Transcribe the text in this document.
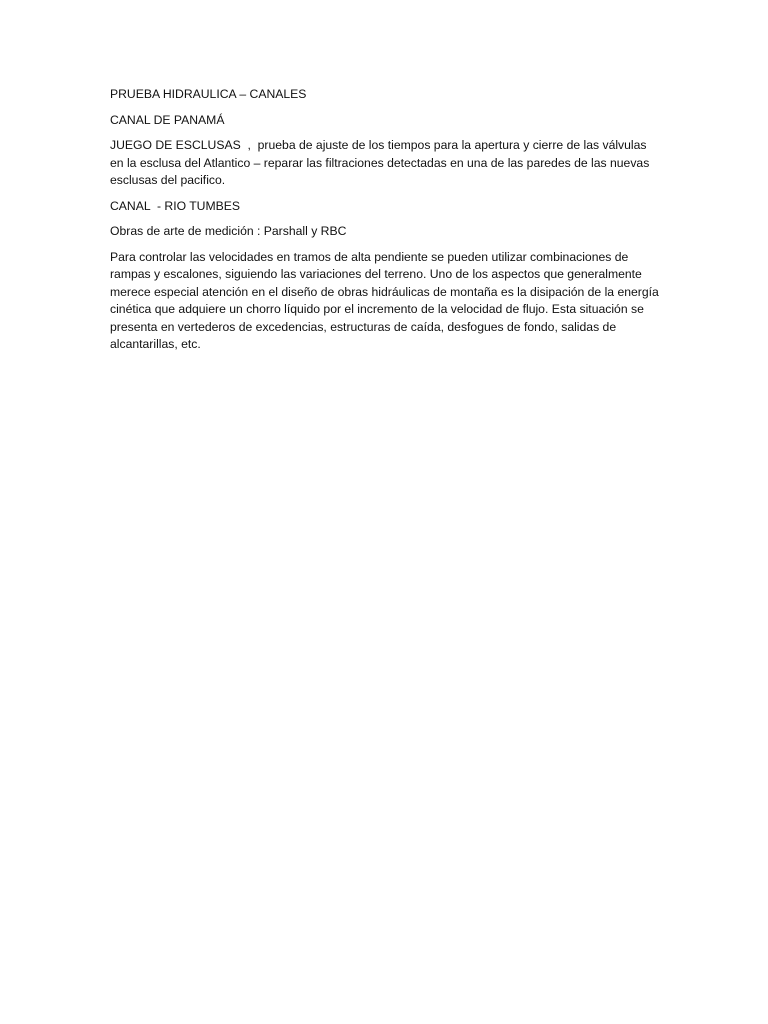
PRUEBA HIDRAULICA – CANALES

CANAL DE PANAMÁ

JUEGO DE ESCLUSAS  ,  prueba de ajuste de los tiempos para la apertura y cierre de las válvulas en la esclusa del Atlantico – reparar las filtraciones detectadas en una de las paredes de las nuevas esclusas del pacifico.

CANAL  - RIO TUMBES

Obras de arte de medición : Parshall y RBC

Para controlar las velocidades en tramos de alta pendiente se pueden utilizar combinaciones de rampas y escalones, siguiendo las variaciones del terreno. Uno de los aspectos que generalmente merece especial atención en el diseño de obras hidráulicas de montaña es la disipación de la energía cinética que adquiere un chorro líquido por el incremento de la velocidad de flujo. Esta situación se presenta en vertederos de excedencias, estructuras de caída, desfogues de fondo, salidas de alcantarillas, etc.
